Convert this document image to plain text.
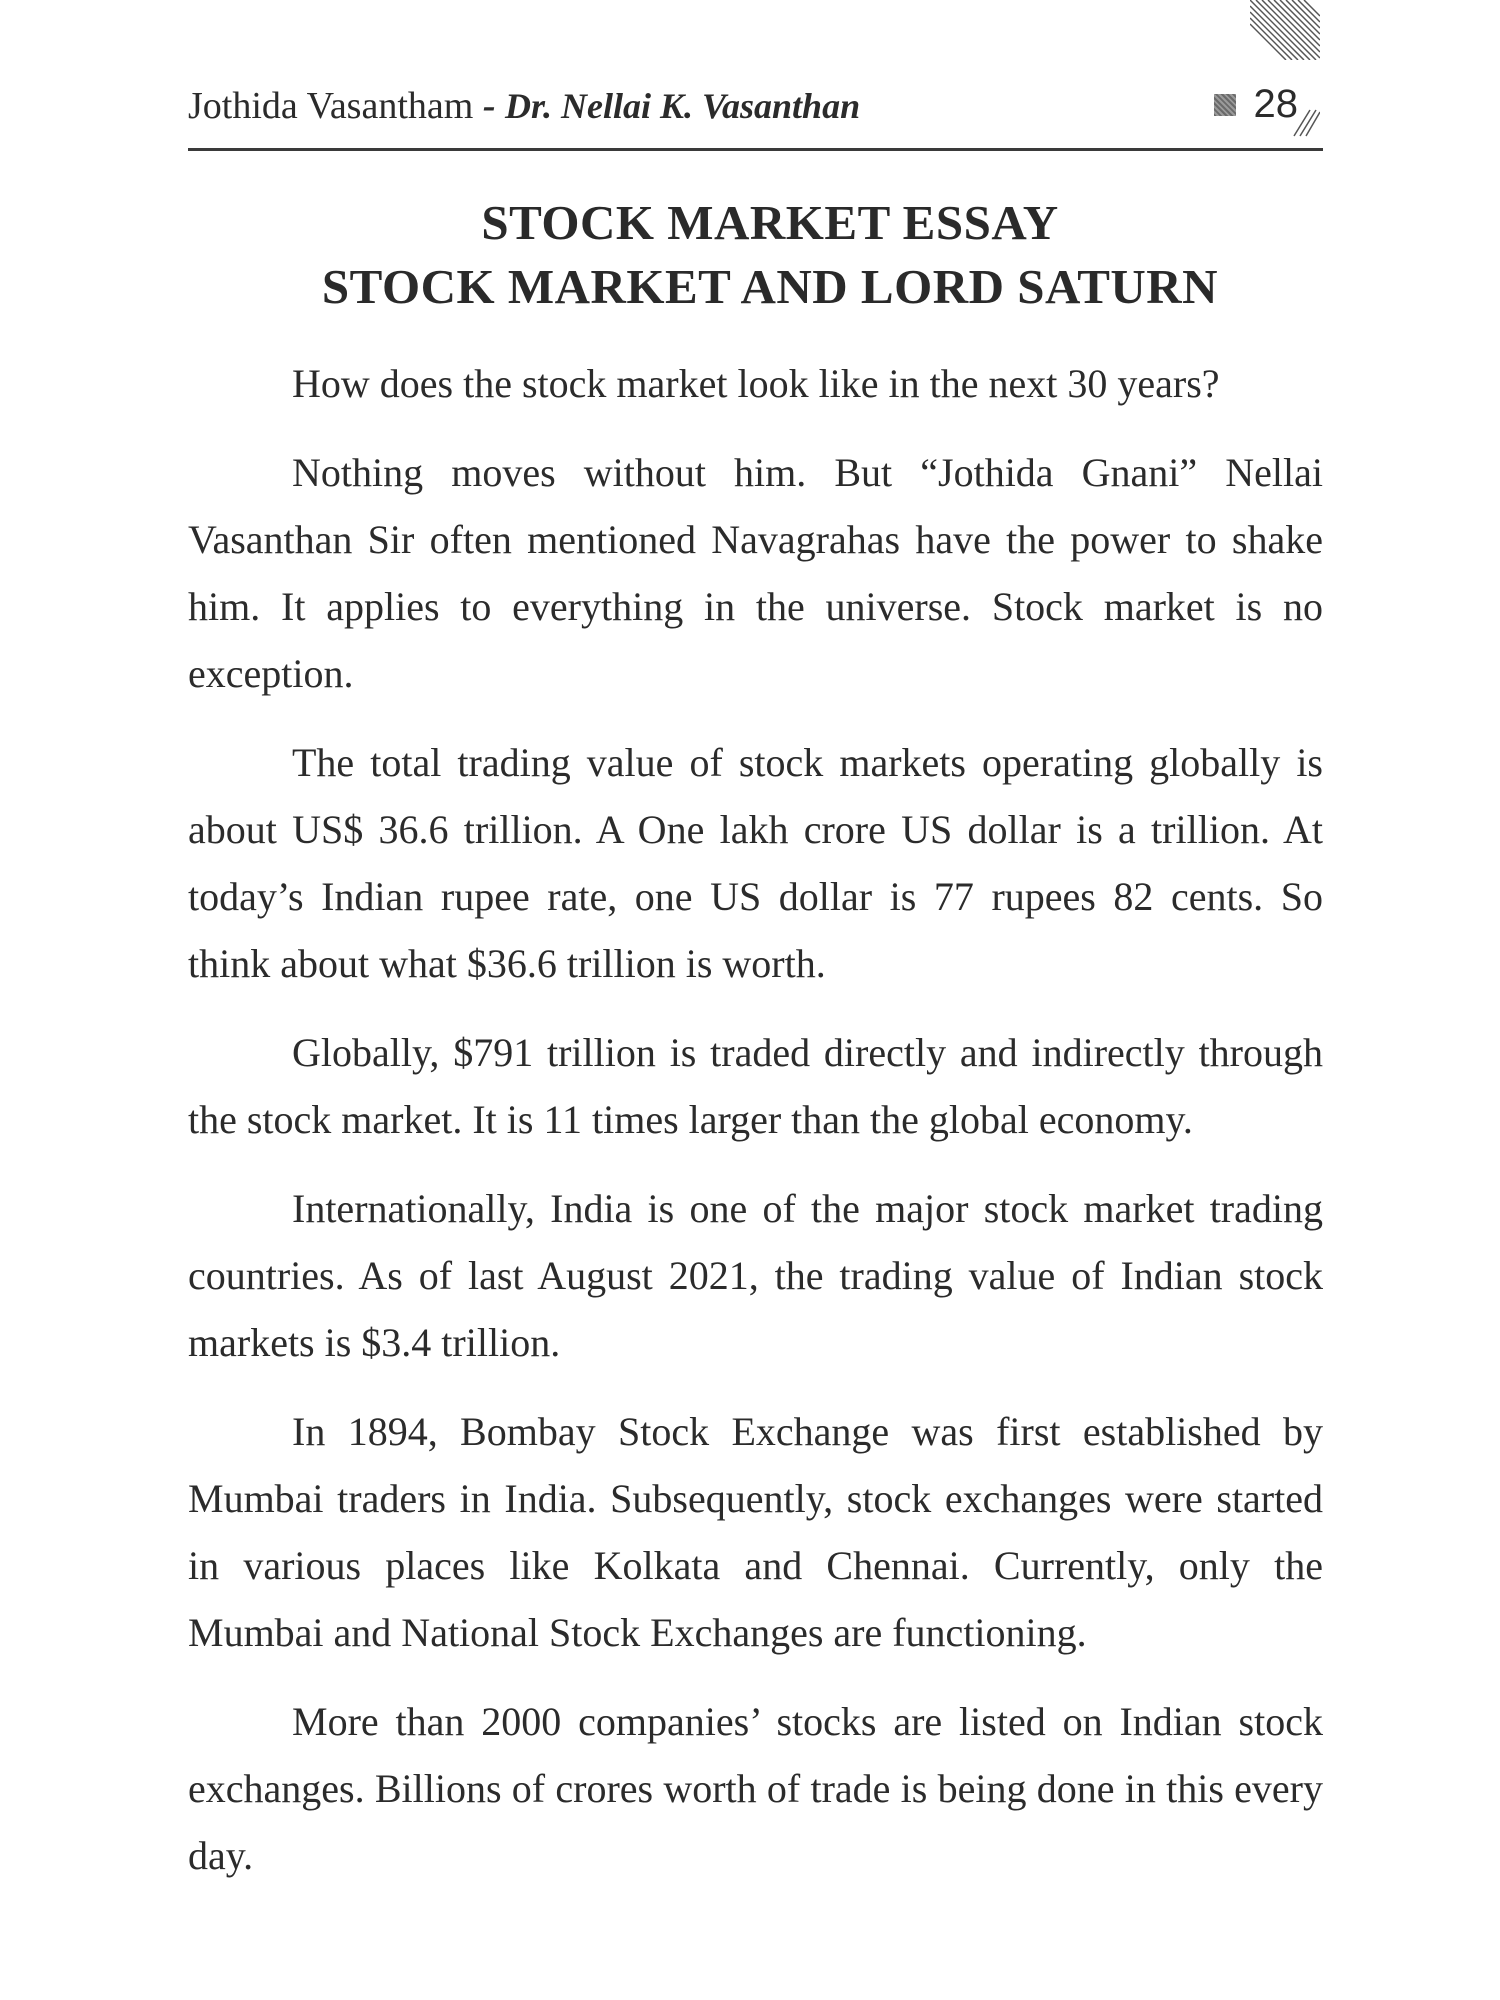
Jothida Vasantham - Dr. Nellai K. Vasanthan	28
STOCK MARKET ESSAY
STOCK MARKET AND LORD SATURN

How does the stock market look like in the next 30 years?

Nothing moves without him. But “Jothida Gnani” Nellai Vasanthan Sir often mentioned Navagrahas have the power to shake him. It applies to everything in the universe. Stock market is no exception.

The total trading value of stock markets operating globally is about US$ 36.6 trillion. A One lakh crore US dollar is a trillion. At today’s Indian rupee rate, one US dollar is 77 rupees 82 cents. So think about what $36.6 trillion is worth.

Globally, $791 trillion is traded directly and indirectly through the stock market. It is 11 times larger than the global economy.

Internationally, India is one of the major stock market trading countries. As of last August 2021, the trading value of Indian stock markets is $3.4 trillion.

In 1894, Bombay Stock Exchange was first established by Mumbai traders in India. Subsequently, stock exchanges were started in various places like Kolkata and Chennai. Currently, only the Mumbai and National Stock Exchanges are functioning.

More than 2000 companies’ stocks are listed on Indian stock exchanges. Billions of crores worth of trade is being done in this every day.
